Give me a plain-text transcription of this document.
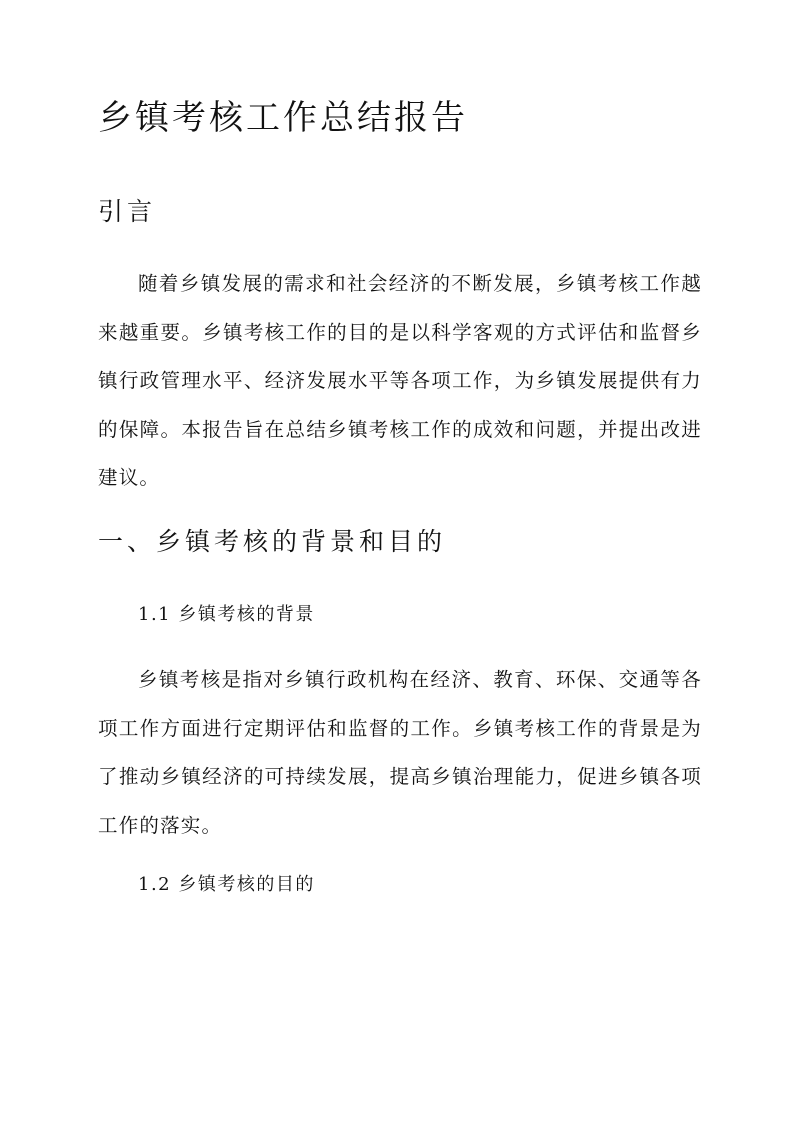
乡镇考核工作总结报告
引言

随着乡镇发展的需求和社会经济的不断发展，乡镇考核工作越来越重要。乡镇考核工作的目的是以科学客观的方式评估和监督乡镇行政管理水平、经济发展水平等各项工作，为乡镇发展提供有力的保障。本报告旨在总结乡镇考核工作的成效和问题，并提出改进建议。

一、乡镇考核的背景和目的
1.1 乡镇考核的背景

乡镇考核是指对乡镇行政机构在经济、教育、环保、交通等各项工作方面进行定期评估和监督的工作。乡镇考核工作的背景是为了推动乡镇经济的可持续发展，提高乡镇治理能力，促进乡镇各项工作的落实。

1.2 乡镇考核的目的
